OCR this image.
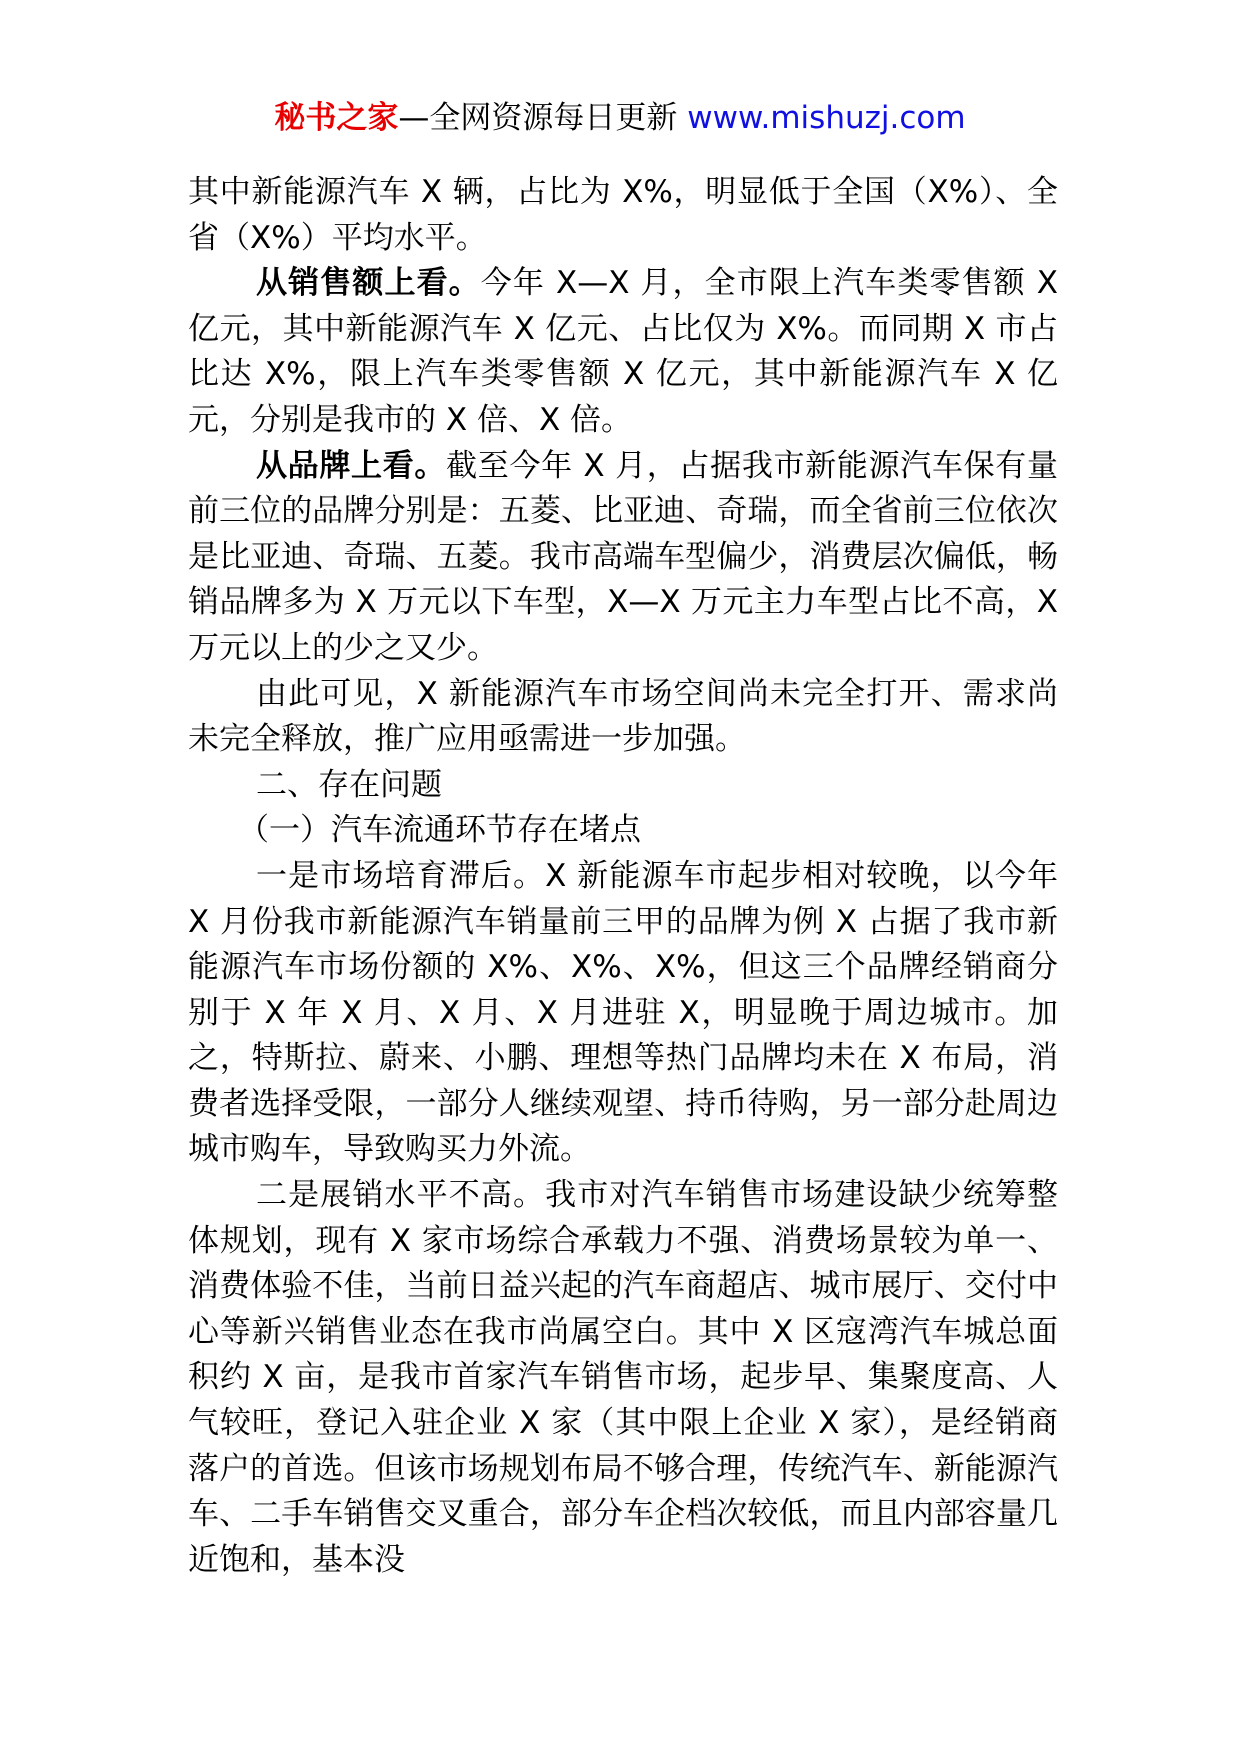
秘书之家—全网资源每日更新 www.mishuzj.com

其中新能源汽车 X 辆，占比为 X%，明显低于全国（X%）、全省（X%）平均水平。

从销售额上看。今年 X—X 月，全市限上汽车类零售额 X 亿元，其中新能源汽车 X 亿元、占比仅为 X%。而同期 X 市占比达 X%，限上汽车类零售额 X 亿元，其中新能源汽车 X 亿元，分别是我市的 X 倍、X 倍。

从品牌上看。截至今年 X 月，占据我市新能源汽车保有量前三位的品牌分别是：五菱、比亚迪、奇瑞，而全省前三位依次是比亚迪、奇瑞、五菱。我市高端车型偏少，消费层次偏低，畅销品牌多为 X 万元以下车型，X—X 万元主力车型占比不高，X 万元以上的少之又少。

由此可见，X 新能源汽车市场空间尚未完全打开、需求尚未完全释放，推广应用亟需进一步加强。

二、存在问题

（一）汽车流通环节存在堵点

一是市场培育滞后。X 新能源车市起步相对较晚，以今年 X 月份我市新能源汽车销量前三甲的品牌为例 X 占据了我市新能源汽车市场份额的 X%、X%、X%，但这三个品牌经销商分别于 X 年 X 月、X 月、X 月进驻 X，明显晚于周边城市。加之，特斯拉、蔚来、小鹏、理想等热门品牌均未在 X 布局，消费者选择受限，一部分人继续观望、持币待购，另一部分赴周边城市购车，导致购买力外流。

二是展销水平不高。我市对汽车销售市场建设缺少统筹整体规划，现有 X 家市场综合承载力不强、消费场景较为单一、消费体验不佳，当前日益兴起的汽车商超店、城市展厅、交付中心等新兴销售业态在我市尚属空白。其中 X 区寇湾汽车城总面积约 X 亩，是我市首家汽车销售市场，起步早、集聚度高、人气较旺，登记入驻企业 X 家（其中限上企业 X 家），是经销商落户的首选。但该市场规划布局不够合理，传统汽车、新能源汽车、二手车销售交叉重合，部分车企档次较低，而且内部容量几近饱和，基本没
